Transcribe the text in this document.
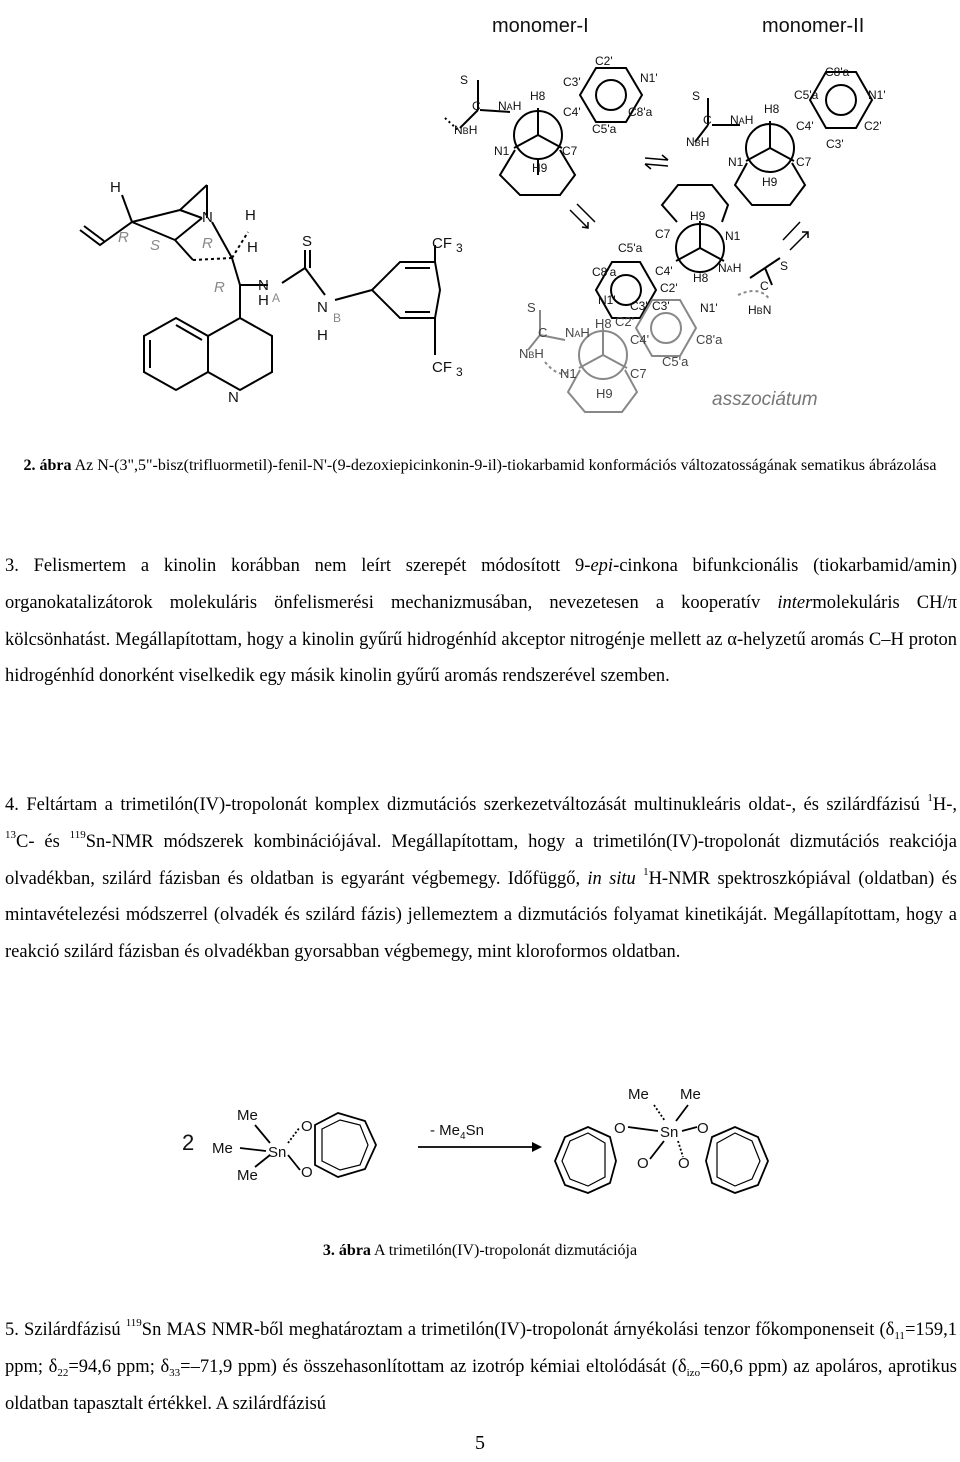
monomer-I	monomer-II
H
R S	R
N H
H
R N
H A
S
N
H
B
N
CF 3
CF 3
C2'
C3'	N1'
H8
C4'	C8'a
C5'a
N1	C7
H9
S
C NAH
NBH
C8'a
C5'a	N1'
H8
C4'	C2'
C3'
N1	C7
H9
S
C NAH
NBH
H9
N1
C7
C5'a
C8'a	C4'	NAH	S
C
H8
C2'
N1' C3' C3'	N1'	HBN
S
C NAH
NBH
H8 C2'
C4'	C8'a
C5'a
N1	C7
H9	asszociátum
2. ábra Az N-(3",5"-bisz(trifluormetil)-fenil-N'-(9-dezoxiepicinkonin-9-il)-tiokarbamid konformációs változatosságának sematikus ábrázolása
3. Felismertem a kinolin korábban nem leírt szerepét módosított 9-epi-cinkona bifunkcionális (tiokarbamid/amin) organokatalizátorok molekuláris önfelismerési mechanizmusában, nevezetesen a kooperatív intermolekuláris CH/π kölcsönhatást. Megállapítottam, hogy a kinolin gyűrű hidrogénhíd akceptor nitrogénje mellett az α-helyzetű aromás C–H proton hidrogénhíd donorként viselkedik egy másik kinolin gyűrű aromás rendszerével szemben.
4. Feltártam a trimetilón(IV)-tropolonát komplex dizmutációs szerkezetváltozását multinukleáris oldat-, és szilárdfázisú $^1$H-, $^{13}$C- és $^{119}$Sn-NMR módszerek kombinációjával. Megállapítottam, hogy a trimetilón(IV)-tropolonát dizmutációs reakciója olvadékban, szilárd fázisban és oldatban is egyaránt végbemegy. Időfüggő, in situ $^1$H-NMR spektroszkópiával (oldatban) és mintavételezési módszerrel (olvadék és szilárd fázis) jellemeztem a dizmutációs folyamat kinetikáját. Megállapítottam, hogy a reakció szilárd fázisban és olvadékban gyorsabban végbemegy, mint kloroformos oldatban.
2
Me
Me
Me
Sn
O
O
- $Me_4Sn$
Me Me
Sn
O
O
O
O
3. ábra A trimetilón(IV)-tropolonát dizmutációja
5. Szilárdfázisú $^{119}$Sn MAS NMR-ből meghatároztam a trimetilón(IV)-tropolonát árnyékolási tenzor főkomponenseit ($\delta_{11}=159,1$ ppm; $\delta_{22}=94,6$ ppm; $\delta_{33}=-71,9$ ppm) és összehasonlítottam az izotróp kémiai eltolódását ($\delta_{izo}=60,6$ ppm) az apoláros, aprotikus oldatban tapasztalt értékkel. A szilárdfázisú
5
